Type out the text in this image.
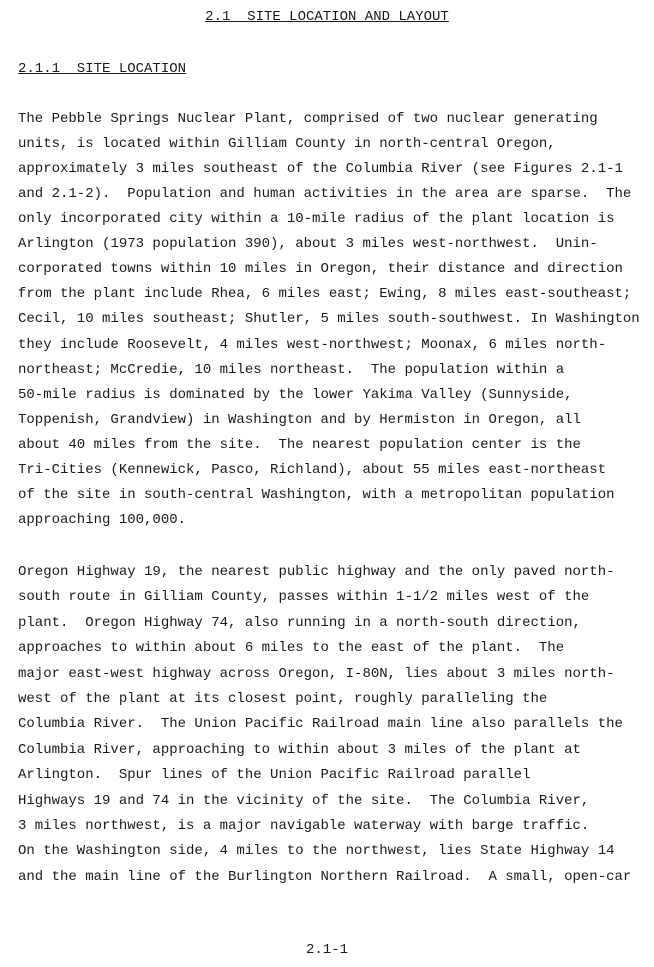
2.1  SITE LOCATION AND LAYOUT
2.1.1  SITE LOCATION
The Pebble Springs Nuclear Plant, comprised of two nuclear generating
units, is located within Gilliam County in north-central Oregon,
approximately 3 miles southeast of the Columbia River (see Figures 2.1-1
and 2.1-2).  Population and human activities in the area are sparse.  The
only incorporated city within a 10-mile radius of the plant location is
Arlington (1973 population 390), about 3 miles west-northwest.  Unin-
corporated towns within 10 miles in Oregon, their distance and direction
from the plant include Rhea, 6 miles east; Ewing, 8 miles east-southeast;
Cecil, 10 miles southeast; Shutler, 5 miles south-southwest. In Washington
they include Roosevelt, 4 miles west-northwest; Moonax, 6 miles north-
northeast; McCredie, 10 miles northeast.  The population within a
50-mile radius is dominated by the lower Yakima Valley (Sunnyside,
Toppenish, Grandview) in Washington and by Hermiston in Oregon, all
about 40 miles from the site.  The nearest population center is the
Tri-Cities (Kennewick, Pasco, Richland), about 55 miles east-northeast
of the site in south-central Washington, with a metropolitan population
approaching 100,000.
Oregon Highway 19, the nearest public highway and the only paved north-
south route in Gilliam County, passes within 1-1/2 miles west of the
plant.  Oregon Highway 74, also running in a north-south direction,
approaches to within about 6 miles to the east of the plant.  The
major east-west highway across Oregon, I-80N, lies about 3 miles north-
west of the plant at its closest point, roughly paralleling the
Columbia River.  The Union Pacific Railroad main line also parallels the
Columbia River, approaching to within about 3 miles of the plant at
Arlington.  Spur lines of the Union Pacific Railroad parallel
Highways 19 and 74 in the vicinity of the site.  The Columbia River,
3 miles northwest, is a major navigable waterway with barge traffic.
On the Washington side, 4 miles to the northwest, lies State Highway 14
and the main line of the Burlington Northern Railroad.  A small, open-car
2.1-1
